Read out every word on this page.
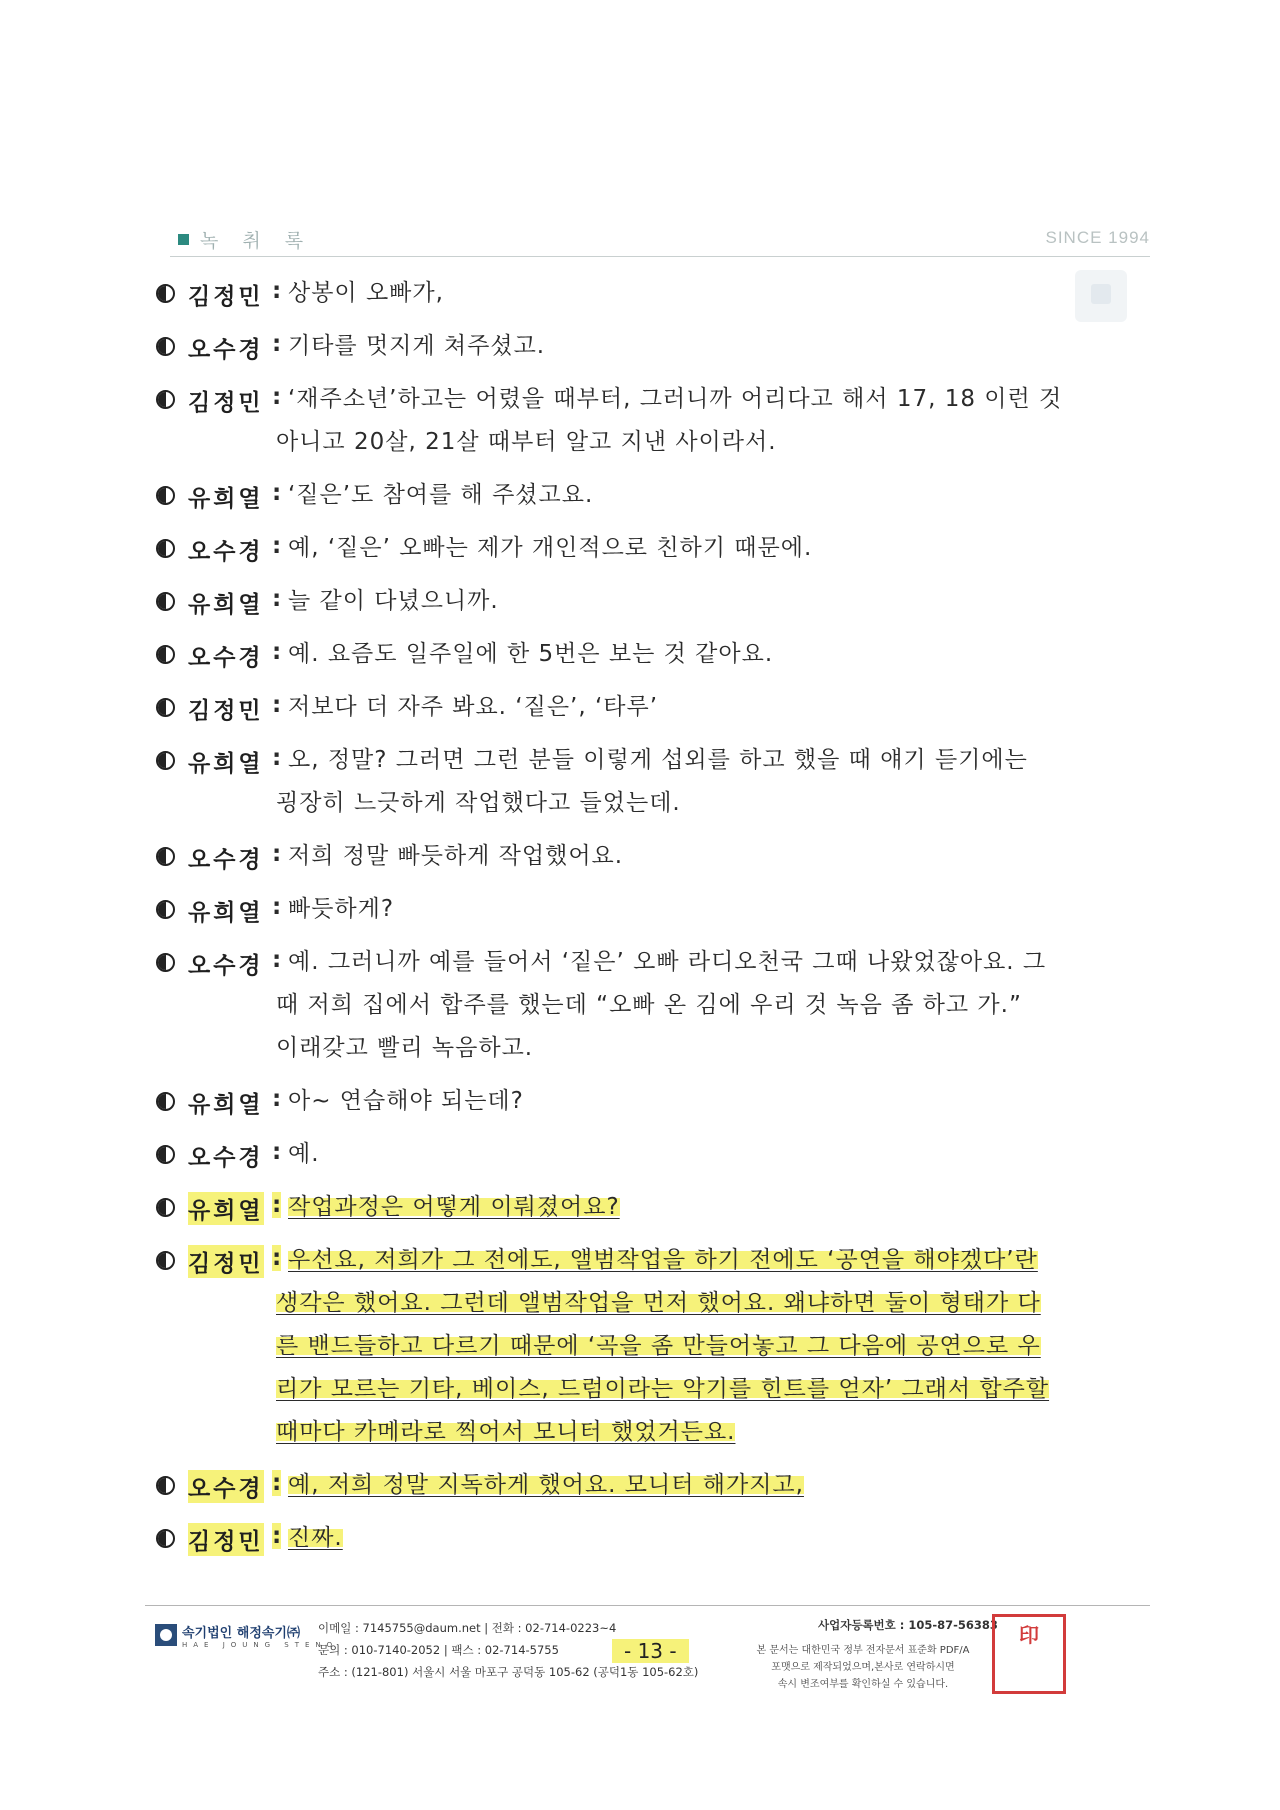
녹 취 록	SINCE 1994
김정민 : 상봉이 오빠가,
오수경 : 기타를 멋지게 쳐주셨고.
김정민 : ‘재주소년’하고는 어렸을 때부터, 그러니까 어리다고 해서 17, 18 이런 것
아니고 20살, 21살 때부터 알고 지낸 사이라서.
유희열 : ‘짙은’도 참여를 해 주셨고요.
오수경 : 예, ‘짙은’ 오빠는 제가 개인적으로 친하기 때문에.
유희열 : 늘 같이 다녔으니까.
오수경 : 예. 요즘도 일주일에 한 5번은 보는 것 같아요.
김정민 : 저보다 더 자주 봐요. ‘짙은’, ‘타루’
유희열 : 오, 정말? 그러면 그런 분들 이렇게 섭외를 하고 했을 때 얘기 듣기에는
굉장히 느긋하게 작업했다고 들었는데.
오수경 : 저희 정말 빠듯하게 작업했어요.
유희열 : 빠듯하게?
오수경 : 예. 그러니까 예를 들어서 ‘짙은’ 오빠 라디오천국 그때 나왔었잖아요. 그
때 저희 집에서 합주를 했는데 “오빠 온 김에 우리 것 녹음 좀 하고 가.”
이래갖고 빨리 녹음하고.
유희열 : 아~ 연습해야 되는데?
오수경 : 예.
유희열 : 작업과정은 어떻게 이뤄졌어요?
김정민 : 우선요, 저희가 그 전에도, 앨범작업을 하기 전에도 ‘공연을 해야겠다’란
생각은 했어요. 그런데 앨범작업을 먼저 했어요. 왜냐하면 둘이 형태가 다
른 밴드들하고 다르기 때문에 ‘곡을 좀 만들어놓고 그 다음에 공연으로 우
리가 모르는 기타, 베이스, 드럼이라는 악기를 힌트를 얻자’ 그래서 합주할
때마다 카메라로 찍어서 모니터 했었거든요.
오수경 : 예, 저희 정말 지독하게 했어요. 모니터 해가지고,
김정민 : 진짜.
속기법인 해정속기㈜
HAE JOUNG STENO
이메일 : 7145755@daum.net | 전화 : 02-714-0223~4
문의 : 010-7140-2052 | 팩스 : 02-714-5755
주소 : (121-801) 서울시 서울 마포구 공덕동 105-62 (공덕1동 105-62호)
- 13 -
사업자등록번호 : 105-87-56383
본 문서는 대한민국 정부 전자문서 표준화 PDF/A
포맷으로 제작되었으며,본사로 연락하시면
속시 변조여부를 확인하실 수 있습니다.
印
